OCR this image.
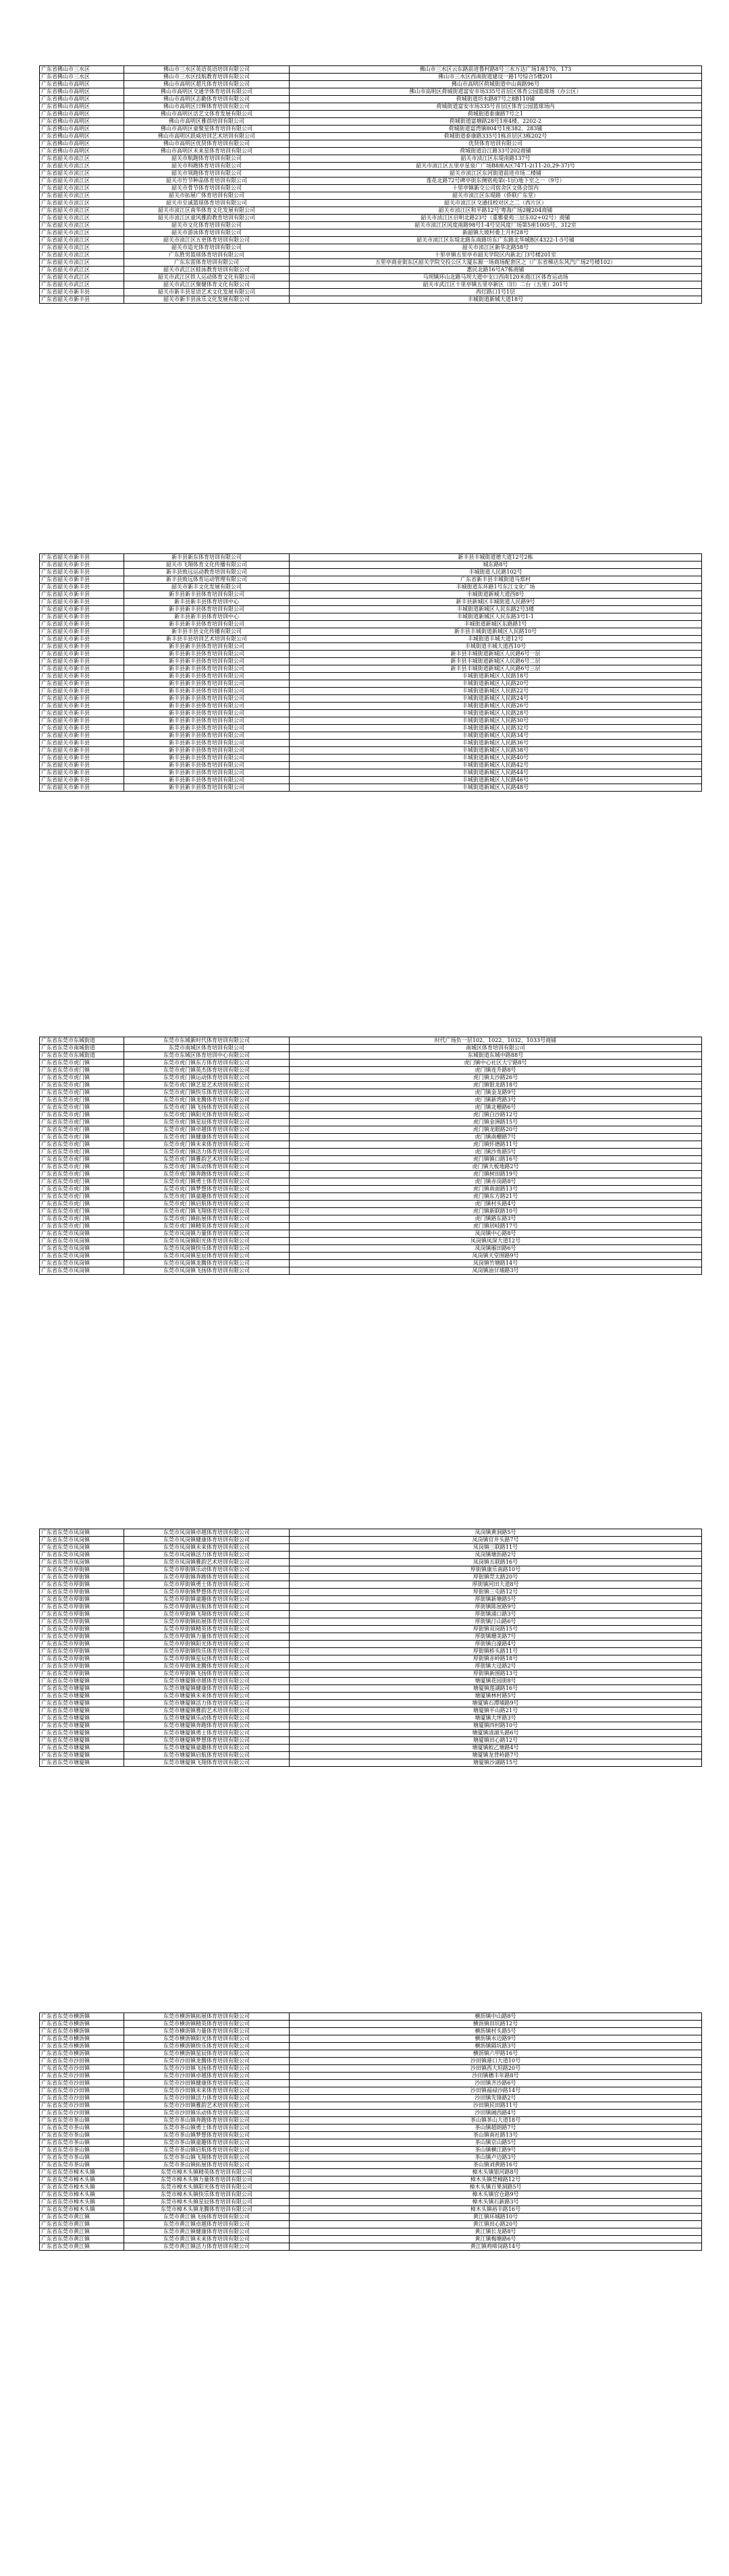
广东省佛山市三水区	佛山市三水区英语英语培训有限公司	佛山市三水区云东路前进鲁村路8号三水万达广场1座170、173
广东省佛山市三水区	佛山市三水区技航教育培训有限公司	佛山市三水区西南街道建设一路1号综合5楼201
广东省佛山市高明区	佛山市高明区超凡体育培训有限公司	佛山市高明区荷城街道中山南路96号
广东省佛山市高明区	佛山市高明区交通学体育培训有限公司	佛山市高明区荷城街道富安市场335号首层区体育公园篮球场（办公区）
广东省佛山市高明区	佛山市高明区志勤体育培训有限公司	荷城街道坊水路87号之8B110铺
广东省佛山市高明区	佛山市高明区日辉体育培训有限公司	荷城街道富安市场335号首层区体育公园篮球场内
广东省佛山市高明区	佛山市高明区活艺文体育发展有限公司	荷城街道泰康路7号之1
广东省佛山市高明区	佛山市高明区雅蓓培训有限公司	荷城街道富塘路28号1座4楼、2202-2
广东省佛山市高明区	佛山市高明区童聚星体育培训有限公司	荷城街道富湾镇804号1座382、283铺
广东省佛山市高明区	佛山市高明区跃威培训艺术培训有限公司	荷城街道泰康路335号1栋首层区3栋202号
广东省佛山市高明区	佛山市高明区优贤体育培训有限公司	优贤体育培训有限公司
广东省佛山市高明区	佛山市高明区未来星体育培训有限公司	荷城街道沿江路33号202商铺
广东省韶关市浈江区	韶关市航跑体育培训有限公司	韶关市浈江区东堤南路137号
广东省韶关市浈江区	韶关市科跑体育培训有限公司	韶关市浈江区五里亭星泉广广场B8座A区7471-2(11-20,29-37)号
广东省韶关市浈江区	韶关市领跑体育培训有限公司	韶关市浈江区东河街道前进市场二楼铺
广东省韶关市浈江区	韶关市竹节种品体育培训有限公司	莲花北路72号碑亭街东侧铭苑第(-1层)地下室之一（9号）
广东省韶关市浈江区	韶关市骨节体育培训有限公司	十里亭镇新交公司宿舍区文体会馆内
广东省韶关市浈江区	韶关市拓展广体育培训有限公司	韶关市浈江区东堤路（侨联广东堂）
广东省韶关市浈江区	韶关市至诚篮球体育培训有限公司	韶关市浈江区交通技校对区之二（西片区）
广东省韶关市浈江区	韶关市浈江区南华体育文化发展有限公司	韶关市浈江区和平路12号'粤海广场2幢204商铺
广东省韶关市浈江区	韶关市浈江区童风雅韵教育培训有限公司	韶关市浈江区启明北路23号（重雅豪苑三层东02+02号）商铺
广东省韶关市浈江区	韶关市文化体育培训有限公司	韶关市浈江区风度南路98号1-4号吴风度厂场第5座1005号、312室
广东省韶关市浈江区	韶关市游泳体育培训有限公司	新韶镇大坡村委上月村28号
广东省韶关市浈江区	韶关市浈江区五更体育培训有限公司	韶关市浈江区东堤北路东南路坊东广东路北华城B区4322-1-5号铺
广东省韶关市浈江区	韶关市追光体育培训有限公司	韶关市浈江区新华北路58号
广东省韶关市浈江区	广东胜男篮球体育培训有限公司	十里亭镇五里亭市韶关学院区内新北门3号楼201室
广东省韶关市浈江区	广东东雷体育培训有限公司	五里亭商业街东区韶关学院交投公区大厦东源一场商场配套区之（广东省梯店东风汽广场2号楼102）
广东省韶关市武江区	韶关市武江区蛙泳教育培训有限公司	惠民北路16号A7栋商铺
广东省韶关市武江区	韶关市武江区铁人运动体育文化有限公司	马坝镇环山北路马坝大道中支口西南120米商江区体育运动场
广东省韶关市武江区	韶关市武江区聚健体育文化有限公司	韶关市武江区十里亭镇五里亭新区（旧）二台（五里）201号
广东省韶关市新丰县	韶关市新丰县星语艺术文化发展有限公司	西灯路口1号1层
广东省韶关市新丰县	韶关市新丰县泳乐文化发展有限公司	丰城街道新城大道18号
广东省韶关市新丰县	新丰县新东体育培训有限公司	新丰县丰城街道德大道12号2栋
广东省韶关市新丰县	韶关市飞翔体育文化传播有限公司	城东路8号
广东省韶关市新丰县	新丰县致远运动教育培训有限公司	丰城街道人民路102号
广东省韶关市新丰县	新丰县致远体育运动管理有限公司	广东省新丰县丰城街道马郑村
广东省韶关市新丰县	韶关市新丰文化发展有限公司	丰城街道东环路1号东江文化广场
广东省韶关市新丰县	新丰县新丰县体育培训有限公司	丰城街道新城大道西8号
广东省韶关市新丰县	新丰县新丰县体育培训中心	新丰县新城区丰城街道人民路9号
广东省韶关市新丰县	新丰县新丰县体育培训有限公司	丰城街道新城区人民东路2号3楼
广东省韶关市新丰县	新丰县新丰县体育培训中心	丰城街道新城区人民东路3号1-1
广东省韶关市新丰县	新丰县新丰县体育培训有限公司	丰城街道新城区东路路1号
广东省韶关市新丰县	新丰县丰县文化传播有限公司	新丰县丰城街道新城区人民路10号
广东省韶关市新丰县	新丰县丰县培训艺术培训有限公司	丰城街道丰城大道12号
广东省韶关市新丰县	新丰县新丰县体育培训有限公司	丰城街道丰城大道西10号
广东省韶关市新丰县	新丰县新丰县体育培训有限公司	新丰县丰城街道新城区人民路6号一层
广东省韶关市新丰县	新丰县新丰县体育培训有限公司	新丰县丰城街道新城区人民路6号二层
广东省韶关市新丰县	新丰县新丰县体育培训有限公司	新丰县丰城街道新城区人民路6号三层
广东省韶关市新丰县	新丰县新丰县体育培训有限公司	丰城街道新城区人民路18号
广东省韶关市新丰县	新丰县新丰县体育培训有限公司	丰城街道新城区人民路20号
广东省韶关市新丰县	新丰县新丰县体育培训有限公司	丰城街道新城区人民路22号
广东省韶关市新丰县	新丰县新丰县体育培训有限公司	丰城街道新城区人民路24号
广东省韶关市新丰县	新丰县新丰县体育培训有限公司	丰城街道新城区人民路26号
广东省韶关市新丰县	新丰县新丰县体育培训有限公司	丰城街道新城区人民路28号
广东省韶关市新丰县	新丰县新丰县体育培训有限公司	丰城街道新城区人民路30号
广东省韶关市新丰县	新丰县新丰县体育培训有限公司	丰城街道新城区人民路32号
广东省韶关市新丰县	新丰县新丰县体育培训有限公司	丰城街道新城区人民路34号
广东省韶关市新丰县	新丰县新丰县体育培训有限公司	丰城街道新城区人民路36号
广东省韶关市新丰县	新丰县新丰县体育培训有限公司	丰城街道新城区人民路38号
广东省韶关市新丰县	新丰县新丰县体育培训有限公司	丰城街道新城区人民路40号
广东省韶关市新丰县	新丰县新丰县体育培训有限公司	丰城街道新城区人民路42号
广东省韶关市新丰县	新丰县新丰县体育培训有限公司	丰城街道新城区人民路44号
广东省韶关市新丰县	新丰县新丰县体育培训有限公司	丰城街道新城区人民路46号
广东省韶关市新丰县	新丰县新丰县体育培训有限公司	丰城街道新城区人民路48号
广东省东莞市东城街道	东莞市东城新时代体育培训有限公司	时代广场负一层102、1022、1032、1033号商铺
广东省东莞市南城街道	东莞市南城区体育培训有限公司	南城区体育培训有限公司
广东省东莞市东城街道	东莞市东城区体育培训中心有限公司	东城街道东城中路88号
广东省东莞市虎门镇	东莞市虎门镇东方体育培训有限公司	虎门镇中心社区大宁路8号
广东省东莞市虎门镇	东莞市虎门镇英杰体育培训有限公司	虎门镇连升路8号
广东省东莞市虎门镇	东莞市虎门镇运动体育培训有限公司	虎门镇太沙路26号
广东省东莞市虎门镇	东莞市虎门镇艺星艺术培训有限公司	虎门镇银龙路18号
广东省东莞市虎门镇	东莞市虎门镇快乐体育培训有限公司	虎门镇金龙路9号
广东省东莞市虎门镇	东莞市虎门镇龙腾体育培训有限公司	虎门镇新湾路3号
广东省东莞市虎门镇	东莞市虎门镇飞扬体育培训有限公司	虎门镇北栅路6号
广东省东莞市虎门镇	东莞市虎门镇阳光体育培训有限公司	虎门镇白沙路12号
广东省东莞市虎门镇	东莞市虎门镇星辰体育培训有限公司	虎门镇金洲路15号
广东省东莞市虎门镇	东莞市虎门镇卓越体育培训有限公司	虎门镇龙眼路20号
广东省东莞市虎门镇	东莞市虎门镇健康体育培训有限公司	虎门镇南栅路7号
广东省东莞市虎门镇	东莞市虎门镇未来体育培训有限公司	虎门镇怀德路11号
广东省东莞市虎门镇	东莞市虎门镇活力体育培训有限公司	虎门镇沙角路5号
广东省东莞市虎门镇	东莞市虎门镇雅韵艺术培训有限公司	虎门镇镇口路16号
广东省东莞市虎门镇	东莞市虎门镇乐动体育培训有限公司	虎门镇大板地路2号
广东省东莞市虎门镇	东莞市虎门镇奔跑体育培训有限公司	虎门镇树田路19号
广东省东莞市虎门镇	东莞市虎门镇勇士体育培训有限公司	虎门镇赤岗路8号
广东省东莞市虎门镇	东莞市虎门镇梦想体育培训有限公司	虎门镇南面路13号
广东省东莞市虎门镇	东莞市虎门镇童趣体育培训有限公司	虎门镇东方路21号
广东省东莞市虎门镇	东莞市虎门镇启航体育培训有限公司	虎门镇村头路4号
广东省东莞市虎门镇	东莞市虎门镇飞翔体育培训有限公司	虎门镇新联路10号
广东省东莞市虎门镇	东莞市虎门镇拓展体育培训有限公司	虎门镇路东路3号
广东省东莞市虎门镇	东莞市虎门镇精英体育培训有限公司	虎门镇居岐路17号
广东省东莞市凤岗镇	东莞市凤岗镇力量体育培训有限公司	凤岗镇中心路8号
广东省东莞市凤岗镇	东莞市凤岗镇阳光体育培训有限公司	凤岗镇凤深大道12号
广东省东莞市凤岗镇	东莞市凤岗镇快乐体育培训有限公司	凤岗镇雁田路6号
广东省东莞市凤岗镇	东莞市凤岗镇星辰体育培训有限公司	凤岗镇天堂围路9号
广东省东莞市凤岗镇	东莞市凤岗镇龙腾体育培训有限公司	凤岗镇竹塘路14号
广东省东莞市凤岗镇	东莞市凤岗镇飞扬体育培训有限公司	凤岗镇油甘埔路3号
广东省东莞市凤岗镇	东莞市凤岗镇卓越体育培训有限公司	凤岗镇黄洞路5号
广东省东莞市凤岗镇	东莞市凤岗镇健康体育培训有限公司	凤岗镇官井头路7号
广东省东莞市凤岗镇	东莞市凤岗镇未来体育培训有限公司	凤岗镇三联路11号
广东省东莞市凤岗镇	东莞市凤岗镇活力体育培训有限公司	凤岗镇塘沥路2号
广东省东莞市凤岗镇	东莞市凤岗镇雅韵艺术培训有限公司	凤岗镇五联路16号
广东省东莞市厚街镇	东莞市厚街镇乐动体育培训有限公司	厚街镇康乐南路10号
广东省东莞市厚街镇	东莞市厚街镇奔跑体育培训有限公司	厚街镇莞太路20号
广东省东莞市厚街镇	东莞市厚街镇勇士体育培训有限公司	厚街镇河田大道8号
广东省东莞市厚街镇	东莞市厚街镇梦想体育培训有限公司	厚街镇三屯路12号
广东省东莞市厚街镇	东莞市厚街镇童趣体育培训有限公司	厚街镇新塘路5号
广东省东莞市厚街镇	东莞市厚街镇启航体育培训有限公司	厚街镇陈屋路9号
广东省东莞市厚街镇	东莞市厚街镇飞翔体育培训有限公司	厚街镇涌口路3号
广东省东莞市厚街镇	东莞市厚街镇拓展体育培训有限公司	厚街镇汀山路6号
广东省东莞市厚街镇	东莞市厚街镇精英体育培训有限公司	厚街镇双岗路15号
广东省东莞市厚街镇	东莞市厚街镇力量体育培训有限公司	厚街镇珊美路7号
广东省东莞市厚街镇	东莞市厚街镇阳光体育培训有限公司	厚街镇白濠路4号
广东省东莞市厚街镇	东莞市厚街镇快乐体育培训有限公司	厚街镇桥头路11号
广东省东莞市厚街镇	东莞市厚街镇星辰体育培训有限公司	厚街镇赤岭路18号
广东省东莞市厚街镇	东莞市厚街镇龙腾体育培训有限公司	厚街镇大迳路2号
广东省东莞市厚街镇	东莞市厚街镇飞扬体育培训有限公司	厚街镇新围路13号
广东省东莞市塘厦镇	东莞市塘厦镇卓越体育培训有限公司	塘厦镇花园街8号
广东省东莞市塘厦镇	东莞市塘厦镇健康体育培训有限公司	塘厦镇莲湖路16号
广东省东莞市塘厦镇	东莞市塘厦镇未来体育培训有限公司	塘厦镇林村路5号
广东省东莞市塘厦镇	东莞市塘厦镇活力体育培训有限公司	塘厦镇石潭埔路9号
广东省东莞市塘厦镇	东莞市塘厦镇雅韵艺术培训有限公司	塘厦镇平山路21号
广东省东莞市塘厦镇	东莞市塘厦镇乐动体育培训有限公司	塘厦镇大坪路3号
广东省东莞市塘厦镇	东莞市塘厦镇奔跑体育培训有限公司	塘厦镇四村路10号
广东省东莞市塘厦镇	东莞市塘厦镇勇士体育培训有限公司	塘厦镇清湖头路6号
广东省东莞市塘厦镇	东莞市塘厦镇梦想体育培训有限公司	塘厦镇田心路12号
广东省东莞市塘厦镇	东莞市塘厦镇童趣体育培训有限公司	塘厦镇蛟乙塘路4号
广东省东莞市塘厦镇	东莞市塘厦镇启航体育培训有限公司	塘厦镇龙背岭路7号
广东省东莞市塘厦镇	东莞市塘厦镇飞翔体育培训有限公司	塘厦镇沙湖路15号
广东省东莞市横沥镇	东莞市横沥镇拓展体育培训有限公司	横沥镇中山路8号
广东省东莞市横沥镇	东莞市横沥镇精英体育培训有限公司	横沥镇田坑路12号
广东省东莞市横沥镇	东莞市横沥镇力量体育培训有限公司	横沥镇村头路5号
广东省东莞市横沥镇	东莞市横沥镇阳光体育培训有限公司	横沥镇水边路9号
广东省东莞市横沥镇	东莞市横沥镇快乐体育培训有限公司	横沥镇隔坑路3号
广东省东莞市横沥镇	东莞市横沥镇星辰体育培训有限公司	横沥镇六甲路16号
广东省东莞市沙田镇	东莞市沙田镇龙腾体育培训有限公司	沙田镇港口大道10号
广东省东莞市沙田镇	东莞市沙田镇飞扬体育培训有限公司	沙田镇西大坦路20号
广东省东莞市沙田镇	东莞市沙田镇卓越体育培训有限公司	沙田镇穗丰年路8号
广东省东莞市沙田镇	东莞市沙田镇健康体育培训有限公司	沙田镇齐沙路6号
广东省东莞市沙田镇	东莞市沙田镇未来体育培训有限公司	沙田镇福禄沙路14号
广东省东莞市沙田镇	东莞市沙田镇活力体育培训有限公司	沙田镇先锋路2号
广东省东莞市沙田镇	东莞市沙田镇雅韵艺术培训有限公司	沙田镇民田路11号
广东省东莞市沙田镇	东莞市沙田镇乐动体育培训有限公司	沙田镇阇西路4号
广东省东莞市茶山镇	东莞市茶山镇奔跑体育培训有限公司	茶山镇茶山大道18号
广东省东莞市茶山镇	东莞市茶山镇勇士体育培训有限公司	茶山镇超朗路7号
广东省东莞市茶山镇	东莞市茶山镇梦想体育培训有限公司	茶山镇南社路13号
广东省东莞市茶山镇	东莞市茶山镇童趣体育培训有限公司	茶山镇京山路5号
广东省东莞市茶山镇	东莞市茶山镇启航体育培训有限公司	茶山镇横江路9号
广东省东莞市茶山镇	东莞市茶山镇飞翔体育培训有限公司	茶山镇卢边路3号
广东省东莞市茶山镇	东莞市茶山镇拓展体育培训有限公司	茶山镇刘黄路16号
广东省东莞市樟木头镇	东莞市樟木头镇精英体育培训有限公司	樟木头镇银河路8号
广东省东莞市樟木头镇	东莞市樟木头镇力量体育培训有限公司	樟木头镇莞樟路12号
广东省东莞市樟木头镇	东莞市樟木头镇阳光体育培训有限公司	樟木头镇百果洞路5号
广东省东莞市樟木头镇	东莞市樟木头镇快乐体育培训有限公司	樟木头镇官仓路9号
广东省东莞市樟木头镇	东莞市樟木头镇星辰体育培训有限公司	樟木头镇石新路3号
广东省东莞市樟木头镇	东莞市樟木头镇龙腾体育培训有限公司	樟木头镇裕丰路16号
广东省东莞市黄江镇	东莞市黄江镇飞扬体育培训有限公司	黄江镇环城路10号
广东省东莞市黄江镇	东莞市黄江镇卓越体育培训有限公司	黄江镇田心路20号
广东省东莞市黄江镇	东莞市黄江镇健康体育培训有限公司	黄江镇长龙路8号
广东省东莞市黄江镇	东莞市黄江镇未来体育培训有限公司	黄江镇梅塘路6号
广东省东莞市黄江镇	东莞市黄江镇活力体育培训有限公司	黄江镇鸡啼岗路14号
